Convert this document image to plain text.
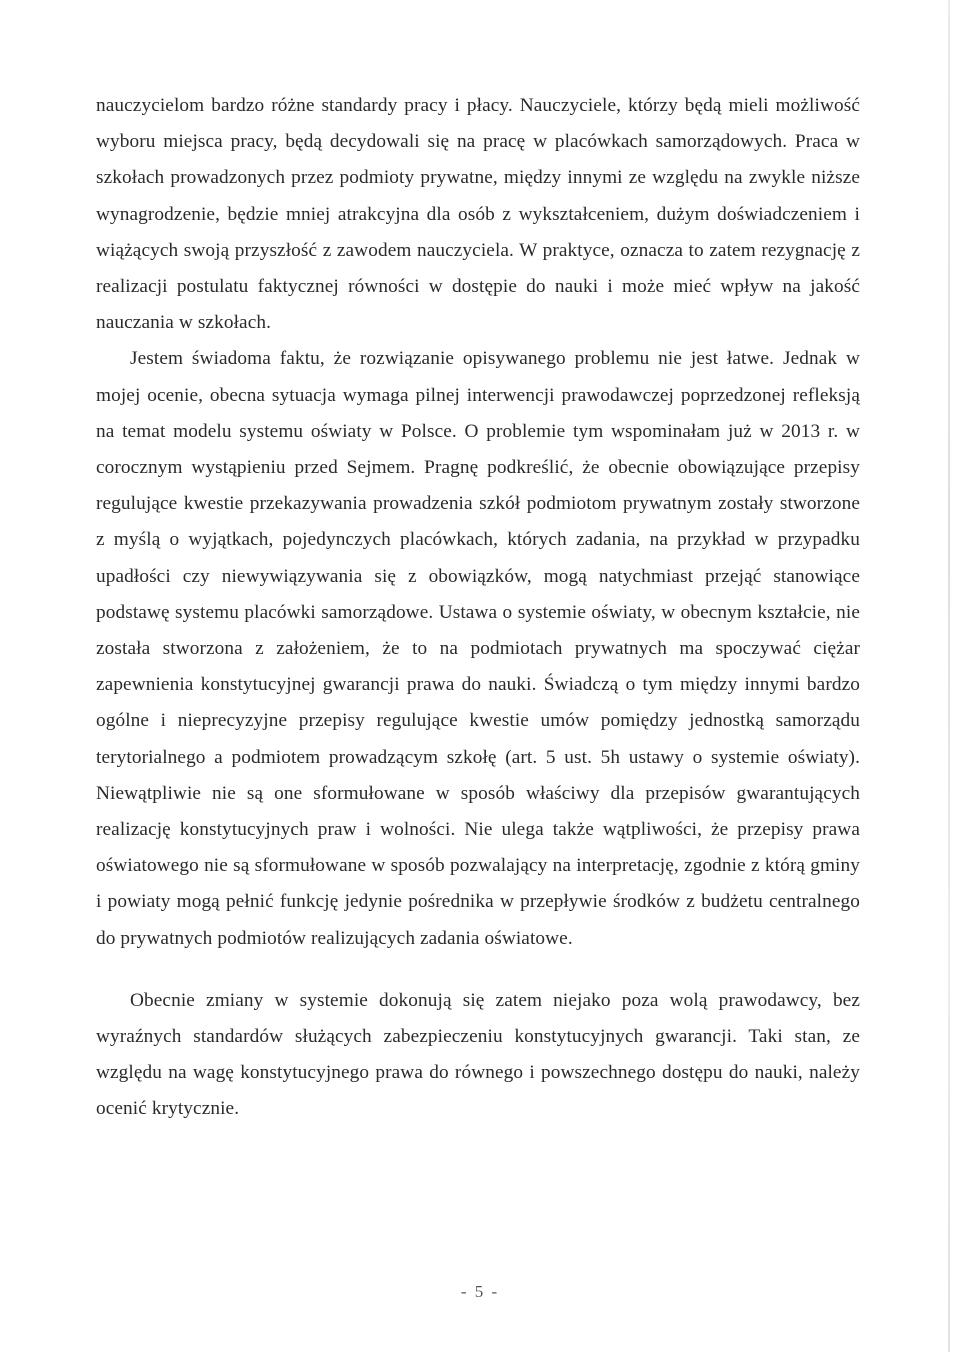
nauczycielom bardzo różne standardy pracy i płacy. Nauczyciele, którzy będą mieli możliwość wyboru miejsca pracy, będą decydowali się na pracę w placówkach samorządowych. Praca w szkołach prowadzonych przez podmioty prywatne, między innymi ze względu na zwykle niższe wynagrodzenie, będzie mniej atrakcyjna dla osób z wykształceniem, dużym doświadczeniem i wiążących swoją przyszłość z zawodem nauczyciela. W praktyce, oznacza to zatem rezygnację z realizacji postulatu faktycznej równości w dostępie do nauki i może mieć wpływ na jakość nauczania w szkołach.

Jestem świadoma faktu, że rozwiązanie opisywanego problemu nie jest łatwe. Jednak w mojej ocenie, obecna sytuacja wymaga pilnej interwencji prawodawczej poprzedzonej refleksją na temat modelu systemu oświaty w Polsce. O problemie tym wspominałam już w 2013 r. w corocznym wystąpieniu przed Sejmem. Pragnę podkreślić, że obecnie obowiązujące przepisy regulujące kwestie przekazywania prowadzenia szkół podmiotom prywatnym zostały stworzone z myślą o wyjątkach, pojedynczych placówkach, których zadania, na przykład w przypadku upadłości czy niewywiązywania się z obowiązków, mogą natychmiast przejąć stanowiące podstawę systemu placówki samorządowe. Ustawa o systemie oświaty, w obecnym kształcie, nie została stworzona z założeniem, że to na podmiotach prywatnych ma spoczywać ciężar zapewnienia konstytucyjnej gwarancji prawa do nauki. Świadczą o tym między innymi bardzo ogólne i nieprecyzyjne przepisy regulujące kwestie umów pomiędzy jednostką samorządu terytorialnego a podmiotem prowadzącym szkołę (art. 5 ust. 5h ustawy o systemie oświaty). Niewątpliwie nie są one sformułowane w sposób właściwy dla przepisów gwarantujących realizację konstytucyjnych praw i wolności. Nie ulega także wątpliwości, że przepisy prawa oświatowego nie są sformułowane w sposób pozwalający na interpretację, zgodnie z którą gminy i powiaty mogą pełnić funkcję jedynie pośrednika w przepływie środków z budżetu centralnego do prywatnych podmiotów realizujących zadania oświatowe.

Obecnie zmiany w systemie dokonują się zatem niejako poza wolą prawodawcy, bez wyraźnych standardów służących zabezpieczeniu konstytucyjnych gwarancji. Taki stan, ze względu na wagę konstytucyjnego prawa do równego i powszechnego dostępu do nauki, należy ocenić krytycznie.

- 5 -
